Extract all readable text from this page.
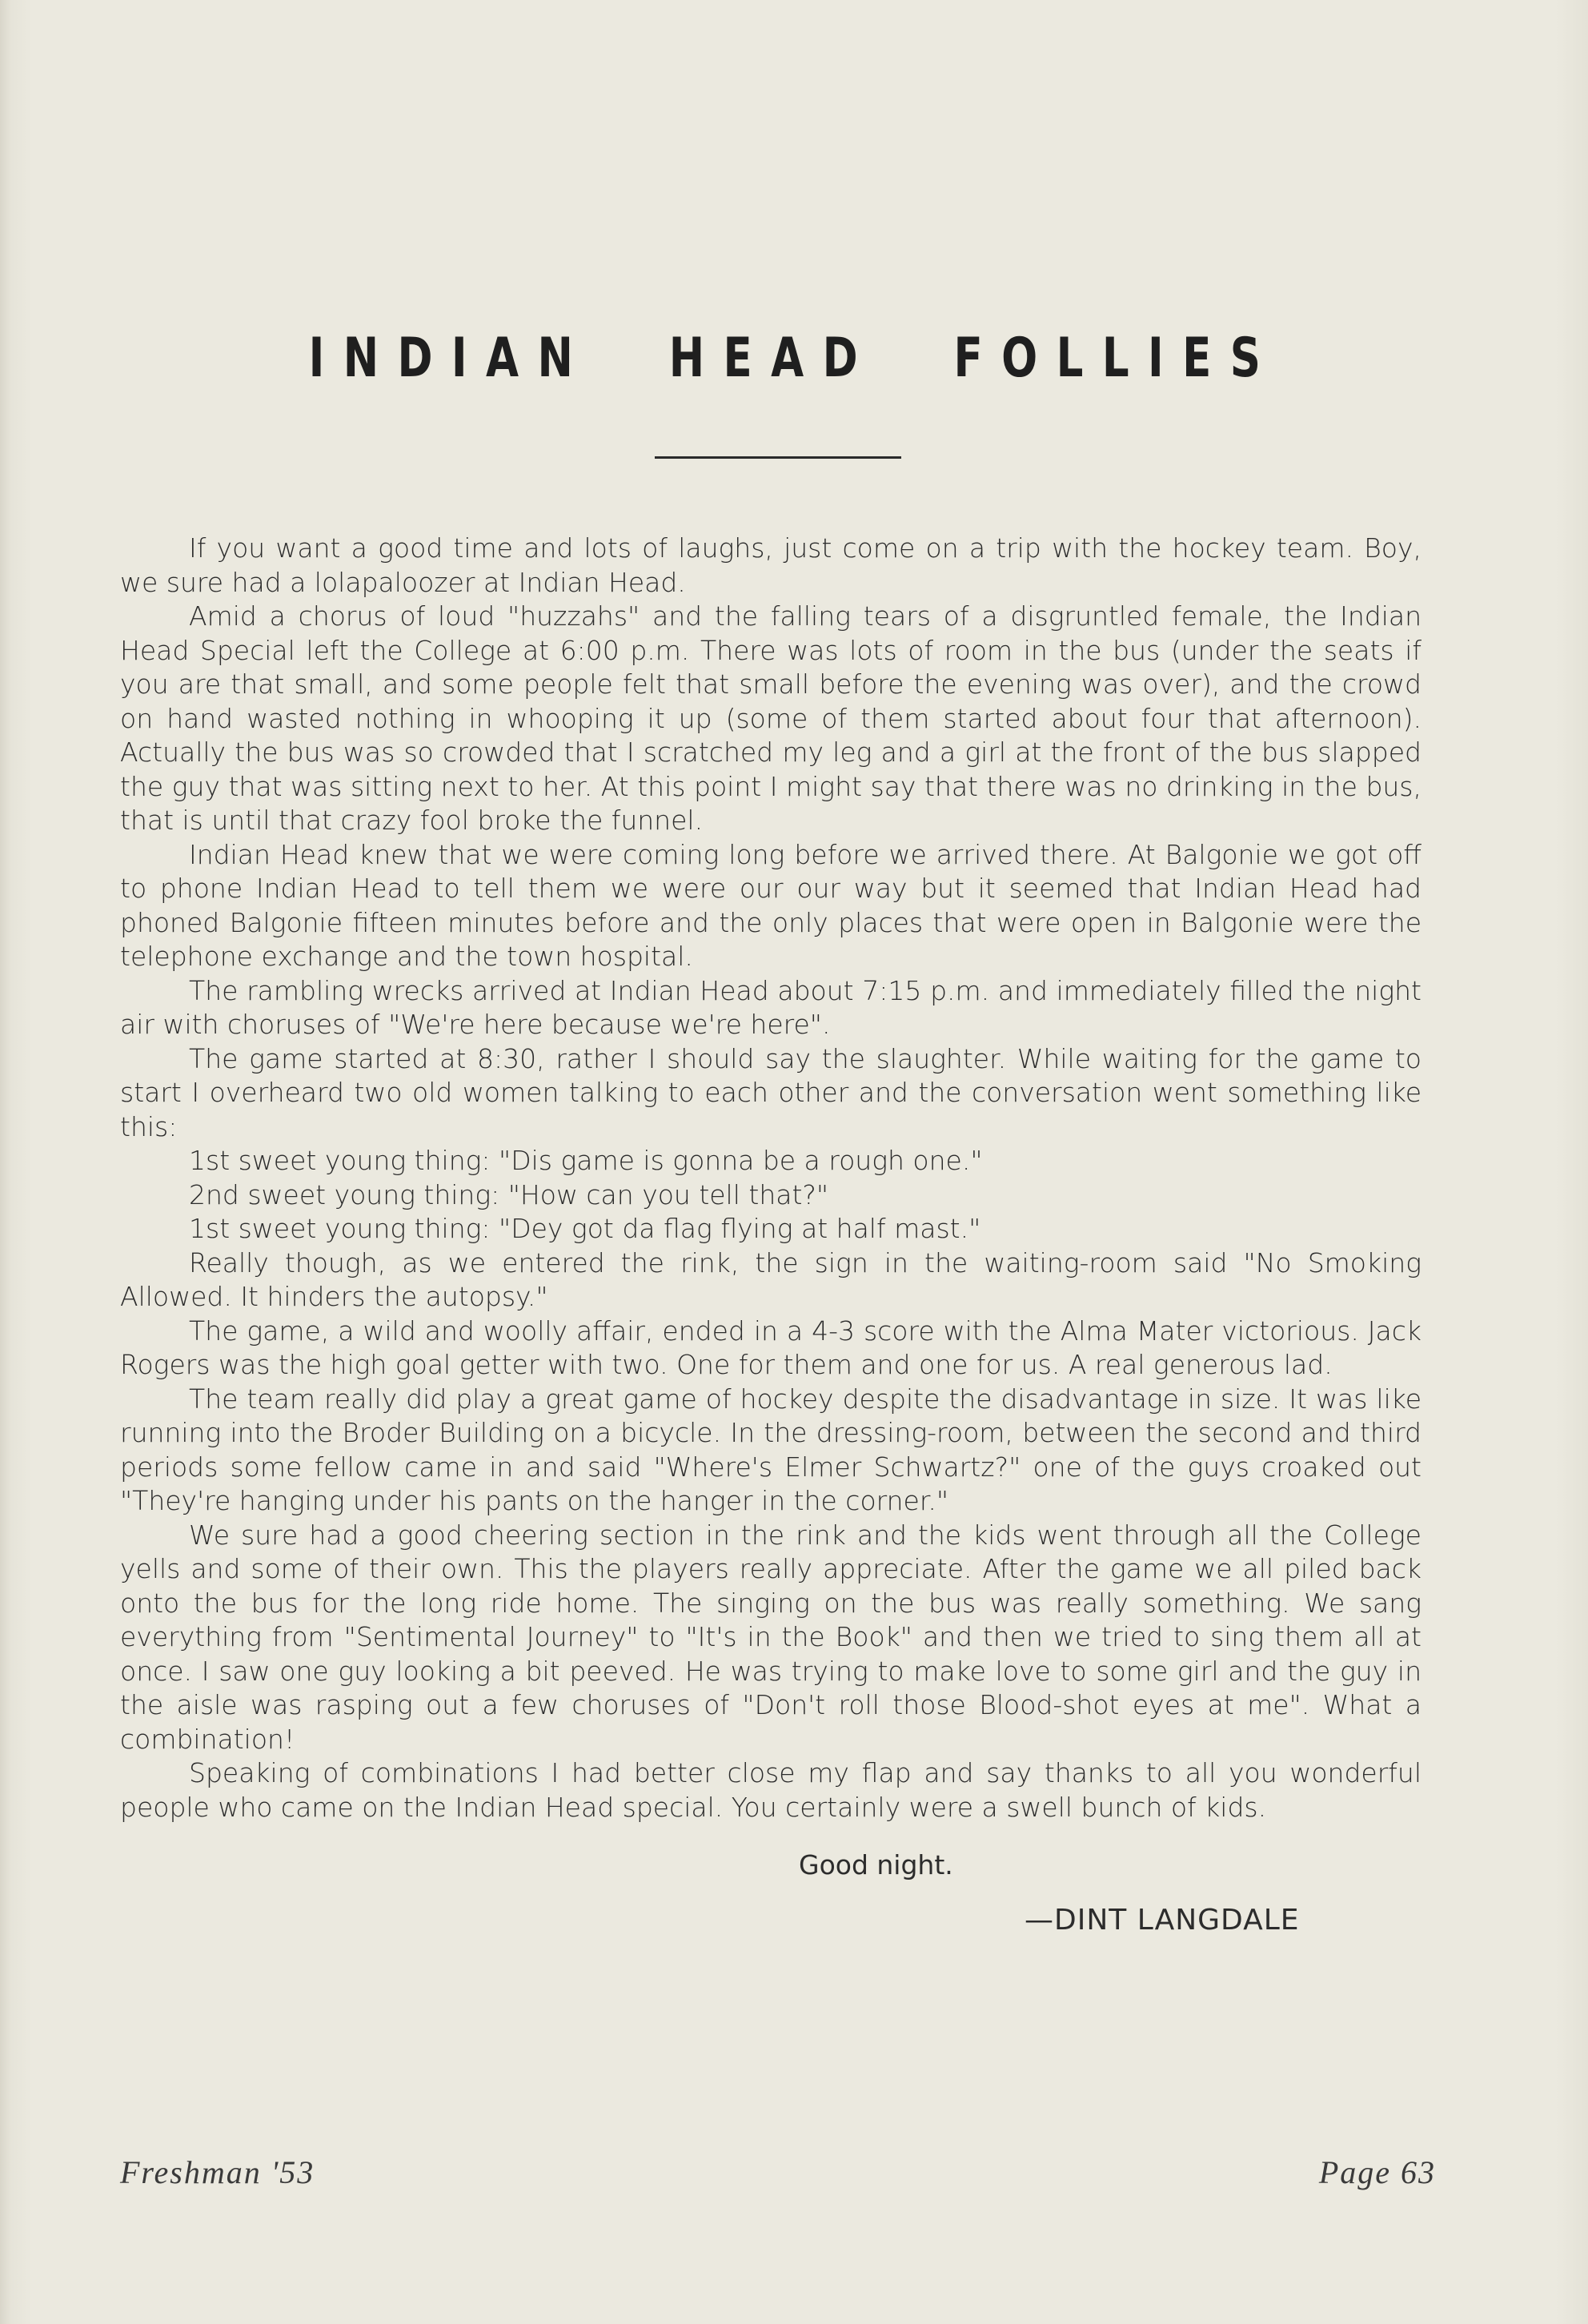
INDIAN HEAD FOLLIES

If you want a good time and lots of laughs, just come on a trip with the hockey team. Boy, we sure had a lolapaloozer at Indian Head.

Amid a chorus of loud "huzzahs" and the falling tears of a disgruntled female, the Indian Head Special left the College at 6:00 p.m. There was lots of room in the bus (under the seats if you are that small, and some people felt that small before the evening was over), and the crowd on hand wasted nothing in whooping it up (some of them started about four that afternoon). Actually the bus was so crowded that I scratched my leg and a girl at the front of the bus slapped the guy that was sitting next to her. At this point I might say that there was no drinking in the bus, that is until that crazy fool broke the funnel.

Indian Head knew that we were coming long before we arrived there. At Balgonie we got off to phone Indian Head to tell them we were our our way but it seemed that Indian Head had phoned Balgonie fifteen minutes before and the only places that were open in Balgonie were the telephone exchange and the town hospital.

The rambling wrecks arrived at Indian Head about 7:15 p.m. and immediately filled the night air with choruses of "We're here because we're here".

The game started at 8:30, rather I should say the slaughter. While waiting for the game to start I overheard two old women talking to each other and the conversation went something like this:

1st sweet young thing: "Dis game is gonna be a rough one."

2nd sweet young thing: "How can you tell that?"

1st sweet young thing: "Dey got da flag flying at half mast."

Really though, as we entered the rink, the sign in the waiting-room said "No Smoking Allowed. It hinders the autopsy."

The game, a wild and woolly affair, ended in a 4-3 score with the Alma Mater victorious. Jack Rogers was the high goal getter with two. One for them and one for us. A real generous lad.

The team really did play a great game of hockey despite the disadvantage in size. It was like running into the Broder Building on a bicycle. In the dressing-room, between the second and third periods some fellow came in and said "Where's Elmer Schwartz?" one of the guys croaked out "They're hanging under his pants on the hanger in the corner."

We sure had a good cheering section in the rink and the kids went through all the College yells and some of their own. This the players really appreciate. After the game we all piled back onto the bus for the long ride home. The singing on the bus was really something. We sang everything from "Sentimental Journey" to "It's in the Book" and then we tried to sing them all at once. I saw one guy looking a bit peeved. He was trying to make love to some girl and the guy in the aisle was rasping out a few choruses of "Don't roll those Blood-shot eyes at me". What a combination!

Speaking of combinations I had better close my flap and say thanks to all you wonderful people who came on the Indian Head special. You certainly were a swell bunch of kids.

Good night.
—DINT LANGDALE
Freshman '53	Page 63
